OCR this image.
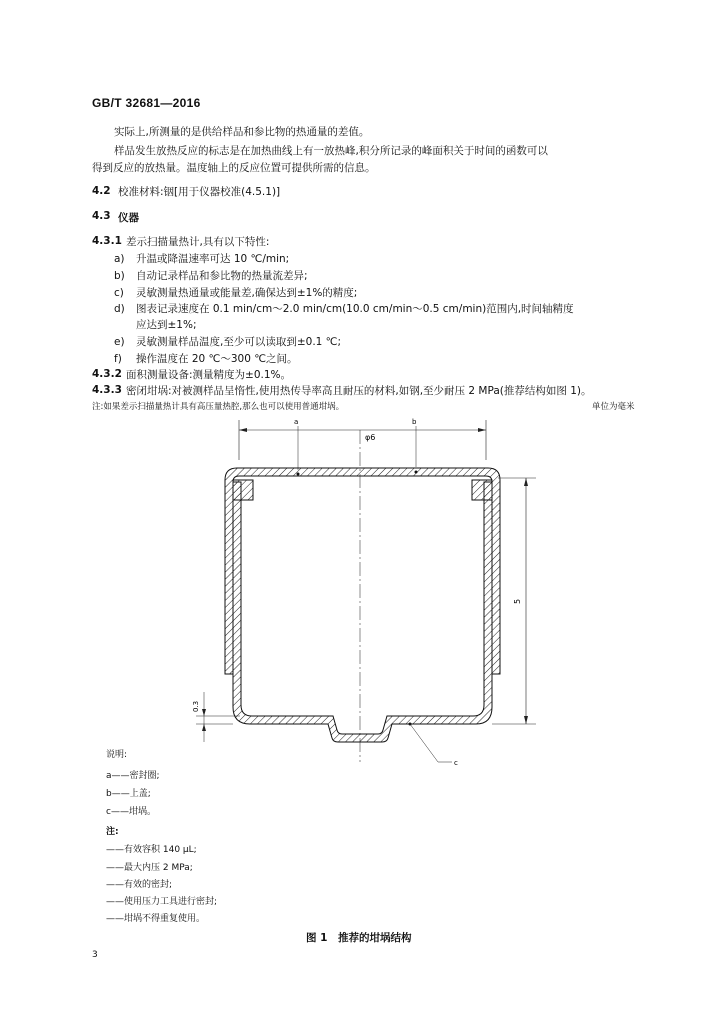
GB/T 32681—2016
实际上,所测量的是供给样品和参比物的热通量的差值。
样品发生放热反应的标志是在加热曲线上有一放热峰,积分所记录的峰面积关于时间的函数可以
得到反应的放热量。温度轴上的反应位置可提供所需的信息。
4.2 校准材料:铟[用于仪器校准(4.5.1)]
4.3 仪器
4.3.1 差示扫描量热计,具有以下特性:
a) 升温或降温速率可达 10 ℃/min;
b) 自动记录样品和参比物的热量流差异;
c) 灵敏测量热通量或能量差,确保达到±1%的精度;
d) 图表记录速度在 0.1 min/cm～2.0 min/cm(10.0 cm/min～0.5 cm/min)范围内,时间轴精度
应达到±1%;
e) 灵敏测量样品温度,至少可以读取到±0.1 ℃;
f) 操作温度在 20 ℃～300 ℃之间。
4.3.2 面积测量设备:测量精度为±0.1%。
4.3.3 密闭坩埚:对被测样品呈惰性,使用热传导率高且耐压的材料,如钢,至少耐压 2 MPa(推荐结构如图 1)。
注:如果差示扫描量热计具有高压量热腔,那么也可以使用普通坩埚。	单位为毫米
φ6
a	b
c
5
0.3
说明:
a——密封圈;
b——上盖;
c——坩埚。
注:
——有效容积 140 μL;
——最大内压 2 MPa;
——有效的密封;
——使用压力工具进行密封;
——坩埚不得重复使用。
图 1　推荐的坩埚结构
3
